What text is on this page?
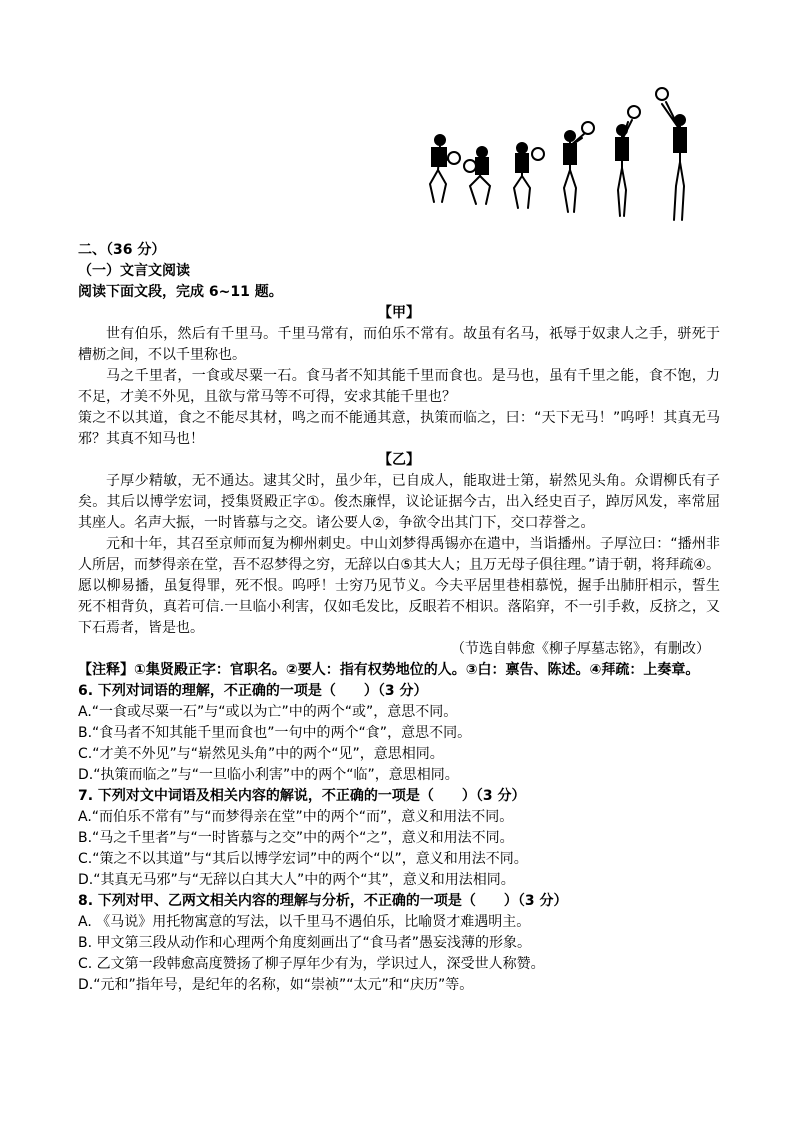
二、（36 分）
（一）文言文阅读
阅读下面文段，完成 6~11 题。
【甲】
世有伯乐，然后有千里马。千里马常有，而伯乐不常有。故虽有名马，祇辱于奴隶人之手，骈死于槽枥之间，不以千里称也。
马之千里者，一食或尽粟一石。食马者不知其能千里而食也。是马也，虽有千里之能，食不饱，力不足，才美不外见，且欲与常马等不可得，安求其能千里也？
策之不以其道，食之不能尽其材，鸣之而不能通其意，执策而临之，曰：“天下无马！”呜呼！其真无马邪？其真不知马也！
【乙】
子厚少精敏，无不通达。逮其父时，虽少年，已自成人，能取进士第，崭然见头角。众谓柳氏有子矣。其后以博学宏词，授集贤殿正字①。俊杰廉悍，议论证据今古，出入经史百子，踔厉风发，率常屈其座人。名声大振，一时皆慕与之交。诸公要人②，争欲令出其门下，交口荐誉之。
元和十年，其召至京师而复为柳州刺史。中山刘梦得禹锡亦在遣中，当诣播州。子厚泣曰：“播州非人所居，而梦得亲在堂，吾不忍梦得之穷，无辞以白⑤其大人；且万无母子俱往理。”请于朝，将拜疏④。愿以柳易播，虽复得罪，死不恨。呜呼！士穷乃见节义。今夫平居里巷相慕悦，握手出肺肝相示，誓生死不相背负，真若可信.一旦临小利害，仅如毛发比，反眼若不相识。落陷穽，不一引手救，反挤之，又下石焉者，皆是也。
（节选自韩愈《柳子厚墓志铭》，有删改）
【注释】①集贤殿正字：官职名。②要人：指有权势地位的人。③白：禀告、陈述。④拜疏：上奏章。
6. 下列对词语的理解，不正确的一项是（　　）（3 分）
A.“一食或尽粟一石”与“或以为亡”中的两个“或”，意思不同。
B.“食马者不知其能千里而食也”一句中的两个“食”，意思不同。
C.“才美不外见”与“崭然见头角”中的两个“见”，意思相同。
D.“执策而临之”与“一旦临小利害”中的两个“临”，意思相同。
7. 下列对文中词语及相关内容的解说，不正确的一项是（　　）（3 分）
A.“而伯乐不常有”与“而梦得亲在堂”中的两个“而”，意义和用法不同。
B.“马之千里者”与“一时皆慕与之交”中的两个“之”，意义和用法不同。
C.“策之不以其道”与“其后以博学宏词”中的两个“以”，意义和用法不同。
D.“其真无马邪”与“无辞以白其大人”中的两个“其”，意义和用法相同。
8. 下列对甲、乙两文相关内容的理解与分析，不正确的一项是（　　）（3 分）
A. 《马说》用托物寓意的写法，以千里马不遇伯乐，比喻贤才难遇明主。
B. 甲文第三段从动作和心理两个角度刻画出了“食马者”愚妄浅薄的形象。
C. 乙文第一段韩愈高度赞扬了柳子厚年少有为，学识过人，深受世人称赞。
D.“元和”指年号，是纪年的名称，如“崇祯”“太元”和“庆历”等。
